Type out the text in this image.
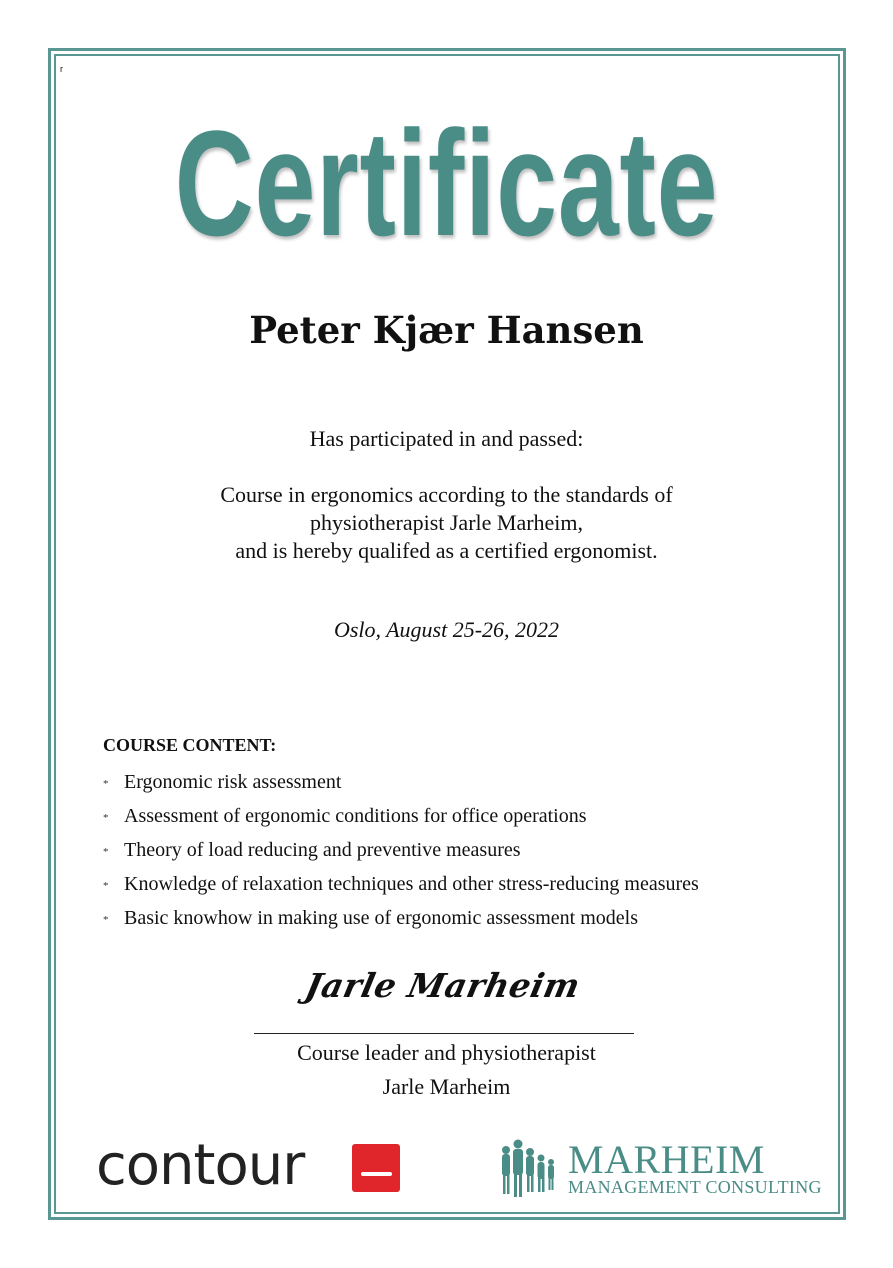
r
Certificate
Peter Kjær Hansen
Has participated in and passed:
Course in ergonomics according to the standards of
physiotherapist Jarle Marheim,
and is hereby qualifed as a certified ergonomist.
Oslo, August 25-26, 2022
COURSE CONTENT:
* Ergonomic risk assessment
* Assessment of ergonomic conditions for office operations
* Theory of load reducing and preventive measures
* Knowledge of relaxation techniques and other stress-reducing measures
* Basic knowhow in making use of ergonomic assessment models
Jarle Marheim
Course leader and physiotherapist
Jarle Marheim
contour	MARHEIM
MANAGEMENT CONSULTING
